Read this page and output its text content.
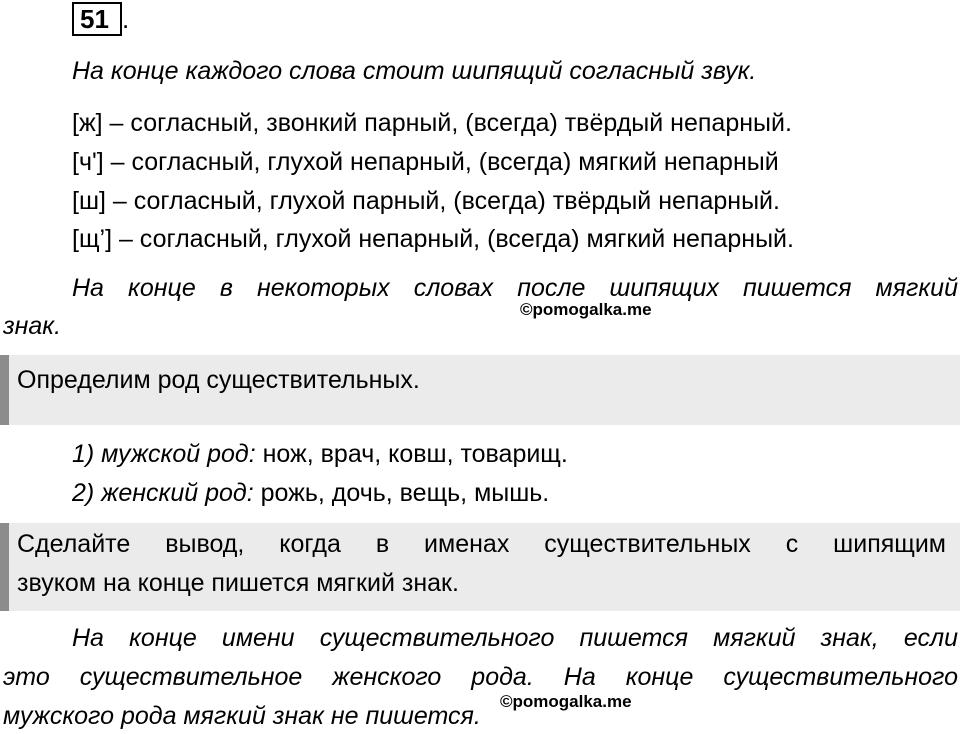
51 .
На конце каждого слова стоит шипящий согласный звук.
[ж] – согласный, звонкий парный, (всегда) твёрдый непарный.
[ч'] – согласный, глухой непарный, (всегда) мягкий непарный
[ш] – согласный, глухой парный, (всегда) твёрдый непарный.
[щ’] – согласный, глухой непарный, (всегда) мягкий непарный.
На конце в некоторых словах после шипящих пишется мягкий
знак.
©pomogalka.me
Определим род существительных.
1) мужской род: нож, врач, ковш, товарищ.
2) женский род: рожь, дочь, вещь, мышь.
Сделайте вывод, когда в именах существительных с шипящим
звуком на конце пишется мягкий знак.
На конце имени существительного пишется мягкий знак, если
это существительное женского рода. На конце существительного
мужского рода мягкий знак не пишется.
©pomogalka.me
